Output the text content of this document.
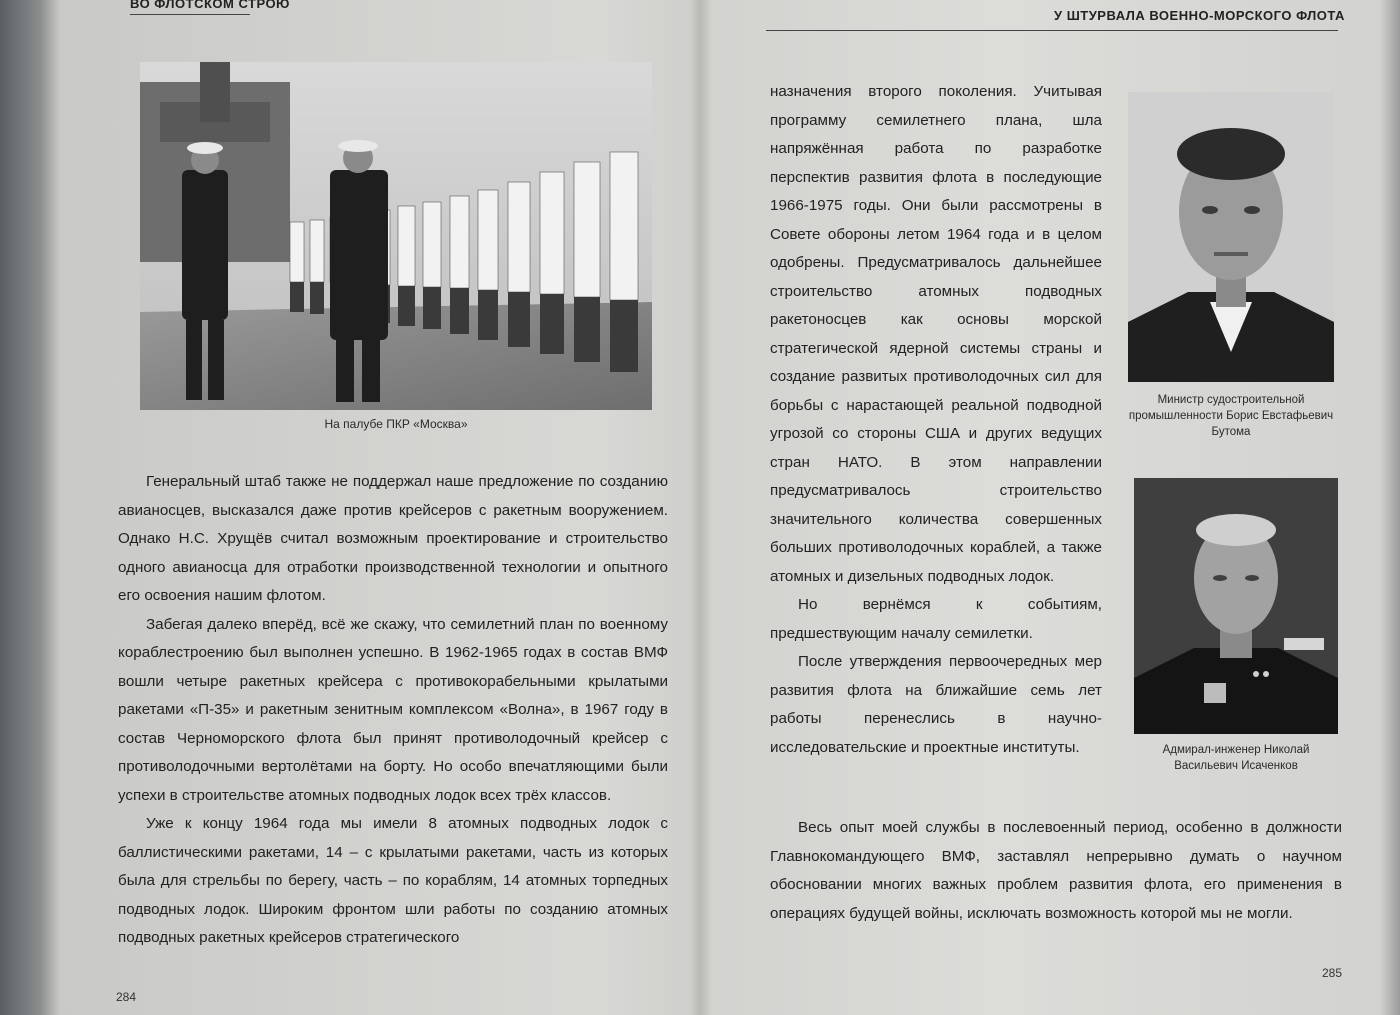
ВО ФЛОТСКОМ СТРОЮ
На палубе ПКР «Москва»

Генеральный штаб также не поддержал наше предложение по созданию авианосцев, высказался даже против крейсеров с ракетным вооружением. Однако Н.С. Хрущёв считал возможным проектирование и строительство одного авианосца для отработки производственной технологии и опытного его освоения нашим флотом.

Забегая далеко вперёд, всё же скажу, что семилетний план по военному кораблестроению был выполнен успешно. В 1962-1965 годах в состав ВМФ вошли четыре ракетных крейсера с противокорабельными крылатыми ракетами «П-35» и ракетным зенитным комплексом «Волна», в 1967 году в состав Черноморского флота был принят противолодочный крейсер с противолодочными вертолётами на борту. Но особо впечатляющими были успехи в строительстве атомных подводных лодок всех трёх классов.

Уже к концу 1964 года мы имели 8 атомных подводных лодок с баллистическими ракетами, 14 – с крылатыми ракетами, часть из которых была для стрельбы по берегу, часть – по кораблям, 14 атомных торпедных подводных лодок. Широким фронтом шли работы по созданию атомных подводных ракетных крейсеров стратегического

284
У ШТУРВАЛА ВОЕННО-МОРСКОГО ФЛОТА

назначения второго поколения. Учитывая программу семилетнего плана, шла напряжённая работа по разработке перспектив развития флота в последующие 1966-1975 годы. Они были рассмотрены в Совете обороны летом 1964 года и в целом одобрены. Предусматривалось дальнейшее строительство атомных подводных ракетоносцев как основы морской стратегической ядерной системы страны и создание развитых противолодочных сил для борьбы с нарастающей реальной подводной угрозой со стороны США и других ведущих стран НАТО. В этом направлении предусматривалось строительство значительного количества совершенных больших противолодочных кораблей, а также атомных и дизельных подводных лодок.

Но вернёмся к событиям, предшествующим началу семилетки.

После утверждения первоочередных мер развития флота на ближайшие семь лет работы перенеслись в научно-исследовательские и проектные институты.

Министр судостроительной промышленности Борис Евстафьевич Бутома
Адмирал-инженер Николай Васильевич Исаченков
Весь опыт моей службы в послевоенный период, особенно в должности Главнокомандующего ВМФ, заставлял непрерывно думать о научном обосновании многих важных проблем развития флота, его применения в операциях будущей войны, исключать возможность которой мы не могли.
285
